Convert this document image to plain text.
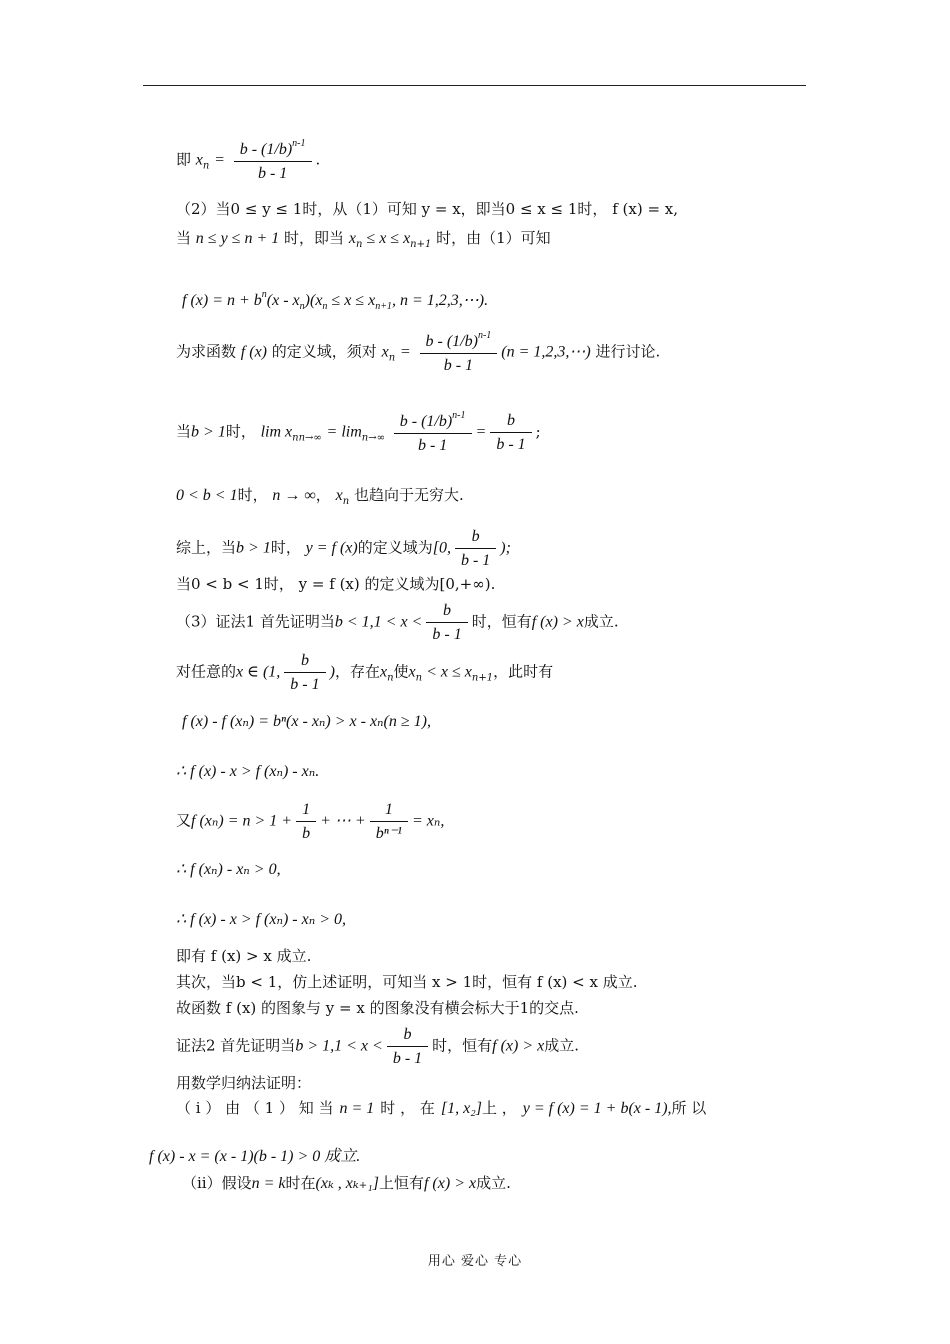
即 $x_n = \frac{b - (1/b)^{n-1}}{b - 1}$ .
（2）当0 ≤ y ≤ 1时，从（1）可知 y = x，即当0 ≤ x ≤ 1时， f (x) = x,
当 n ≤ y ≤ n + 1 时，即当 $x_n \le x \le x_{n+1}$ 时，由（1）可知
f $(x) = n + b^n(x - x_n)(x_n \le x \le x_{n+1}$, n = 1,2,3,⋯).
为求函数 f (x) 的定义域，须对 $x_n = \frac{b - (1/b)^{n-1}}{b - 1} (n$ = 1,2,3,⋯) 进行讨论.
当b > 1时， $\lim x_{nn\to\infty} = \lim_{n\to\infty} \frac{b - (1/b)^{n-1}}{b - 1} = \frac{b}{b - 1}$ ;
0 < b < 1时， n → ∞， $x_n$ 也趋向于无穷大.
综上，当b > 1时， y = f (x)的定义域为[0, $\frac{b}{b - 1}$ );
当0 < b < 1时， y = f (x) 的定义域为[0,+∞).
（3）证法1 首先证明当$b < 1,1 < x < \frac{b}{b - 1}$ 时，恒有f (x) > x成立.
对任意的x ∈ (1, $\frac{b}{b - 1}$ )，存在$x_n$使$x_n < x \le x_{n+1}$，此时有
f (x) - f (xₙ) = bⁿ(x - xₙ) > x - xₙ(n ≥ 1),
∴ f (x) - x > f (xₙ) - xₙ.
又f $(x_n) = n > 1 + \frac{1}{b}$ + ⋯ + $\frac{1}{\text{bⁿ⁻¹}} = x_n$,
∴ f (xₙ) - xₙ > 0,
∴ f (x) - x > f (xₙ) - xₙ > 0,
即有 f (x) > x 成立.
其次，当b < 1，仿上述证明，可知当 x > 1时，恒有 f (x) < x 成立.
故函数 f (x) 的图象与 y = x 的图象没有横会标大于1的交点.
证法2 首先证明当$b > 1,1 < x < \frac{b}{b - 1}$ 时，恒有f (x) > x成立.
用数学归纳法证明：
（ i ） 由 （ 1 ） 知 当 n = 1 时 ， 在 [1, x₂]上 ， y = f (x) = 1 + b(x - 1),所 以
f (x) - x = (x - 1)(b - 1) > 0 成立.
（ii）假设n = k时在(xₖ , xₖ₊₁]上恒有f (x) > x成立.
用心 爱心 专心
